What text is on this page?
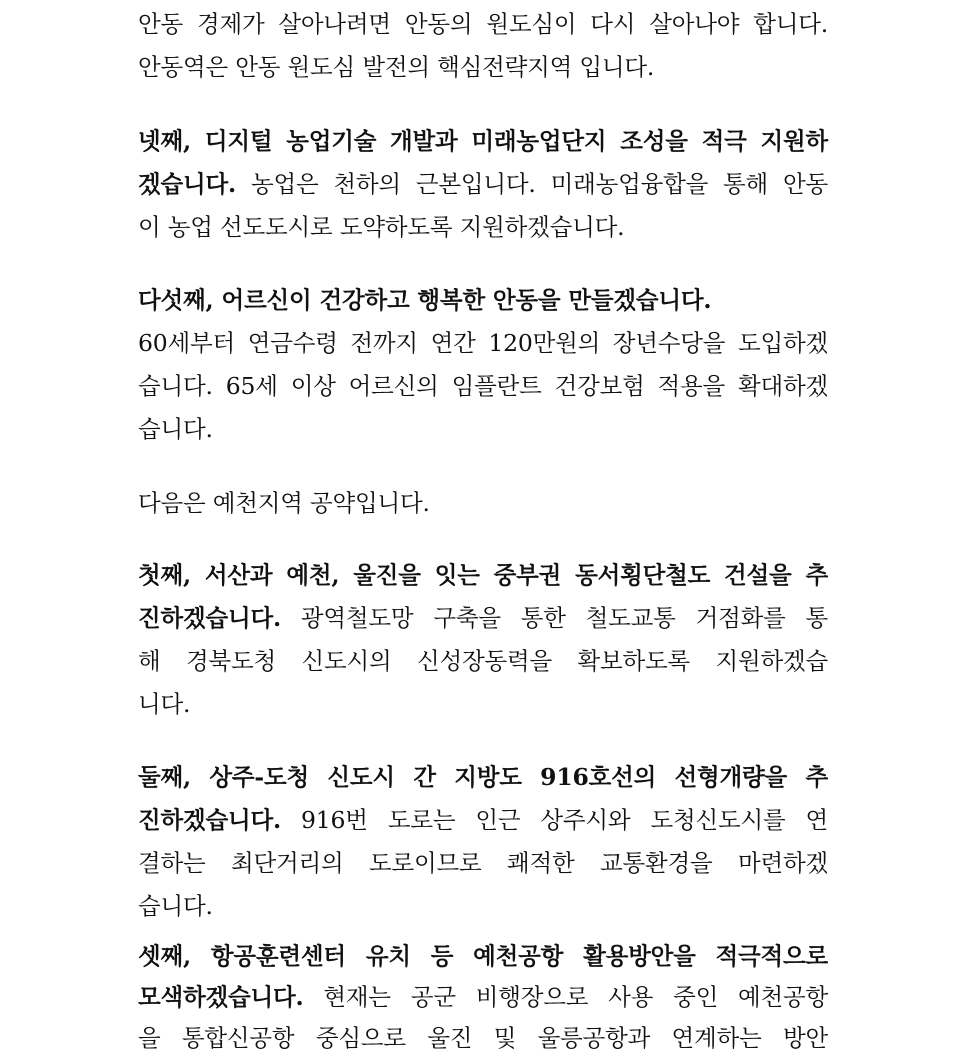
안동 경제가 살아나려면 안동의 원도심이 다시 살아나야 합니다.
안동역은 안동 원도심 발전의 핵심전략지역 입니다.
넷째, 디지털 농업기술 개발과 미래농업단지 조성을 적극 지원하
겠습니다. 농업은 천하의 근본입니다. 미래농업융합을 통해 안동
이 농업 선도도시로 도약하도록 지원하겠습니다.
다섯째, 어르신이 건강하고 행복한 안동을 만들겠습니다.
60세부터 연금수령 전까지 연간 120만원의 장년수당을 도입하겠
습니다. 65세 이상 어르신의 임플란트 건강보험 적용을 확대하겠
습니다.
다음은 예천지역 공약입니다.
첫째, 서산과 예천, 울진을 잇는 중부권 동서횡단철도 건설을 추
진하겠습니다. 광역철도망 구축을 통한 철도교통 거점화를 통
해 경북도청 신도시의 신성장동력을 확보하도록 지원하겠습
니다.
둘째, 상주-도청 신도시 간 지방도 916호선의 선형개량을 추
진하겠습니다. 916번 도로는 인근 상주시와 도청신도시를 연
결하는 최단거리의 도로이므로 쾌적한 교통환경을 마련하겠
습니다.
셋째, 항공훈련센터 유치 등 예천공항 활용방안을 적극적으로
모색하겠습니다. 현재는 공군 비행장으로 사용 중인 예천공항
을 통합신공항 중심으로 울진 및 울릉공항과 연계하는 방안
